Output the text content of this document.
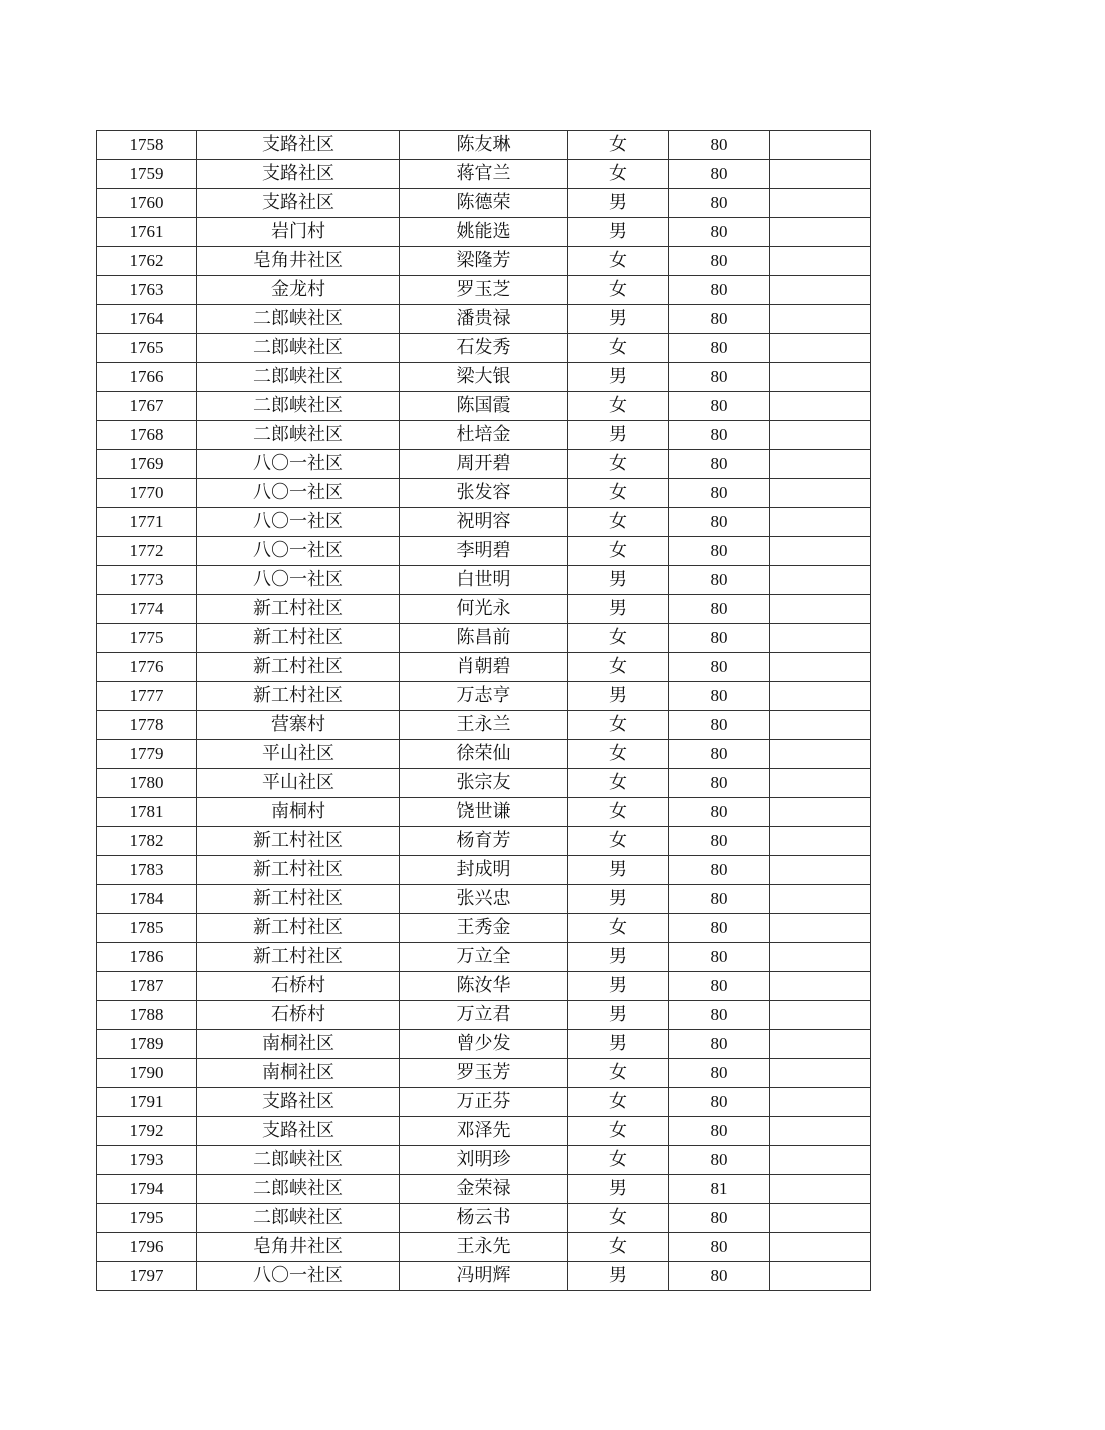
1758	支路社区	陈友琳	女	80	
1759	支路社区	蒋官兰	女	80	
1760	支路社区	陈德荣	男	80	
1761	岩门村	姚能选	男	80	
1762	皂角井社区	梁隆芳	女	80	
1763	金龙村	罗玉芝	女	80	
1764	二郎峡社区	潘贵禄	男	80	
1765	二郎峡社区	石发秀	女	80	
1766	二郎峡社区	梁大银	男	80	
1767	二郎峡社区	陈国霞	女	80	
1768	二郎峡社区	杜培金	男	80	
1769	八〇一社区	周开碧	女	80	
1770	八〇一社区	张发容	女	80	
1771	八〇一社区	祝明容	女	80	
1772	八〇一社区	李明碧	女	80	
1773	八〇一社区	白世明	男	80	
1774	新工村社区	何光永	男	80	
1775	新工村社区	陈昌前	女	80	
1776	新工村社区	肖朝碧	女	80	
1777	新工村社区	万志亨	男	80	
1778	营寨村	王永兰	女	80	
1779	平山社区	徐荣仙	女	80	
1780	平山社区	张宗友	女	80	
1781	南桐村	饶世谦	女	80	
1782	新工村社区	杨育芳	女	80	
1783	新工村社区	封成明	男	80	
1784	新工村社区	张兴忠	男	80	
1785	新工村社区	王秀金	女	80	
1786	新工村社区	万立全	男	80	
1787	石桥村	陈汝华	男	80	
1788	石桥村	万立君	男	80	
1789	南桐社区	曾少发	男	80	
1790	南桐社区	罗玉芳	女	80	
1791	支路社区	万正芬	女	80	
1792	支路社区	邓泽先	女	80	
1793	二郎峡社区	刘明珍	女	80	
1794	二郎峡社区	金荣禄	男	81	
1795	二郎峡社区	杨云书	女	80	
1796	皂角井社区	王永先	女	80	
1797	八〇一社区	冯明辉	男	80	
